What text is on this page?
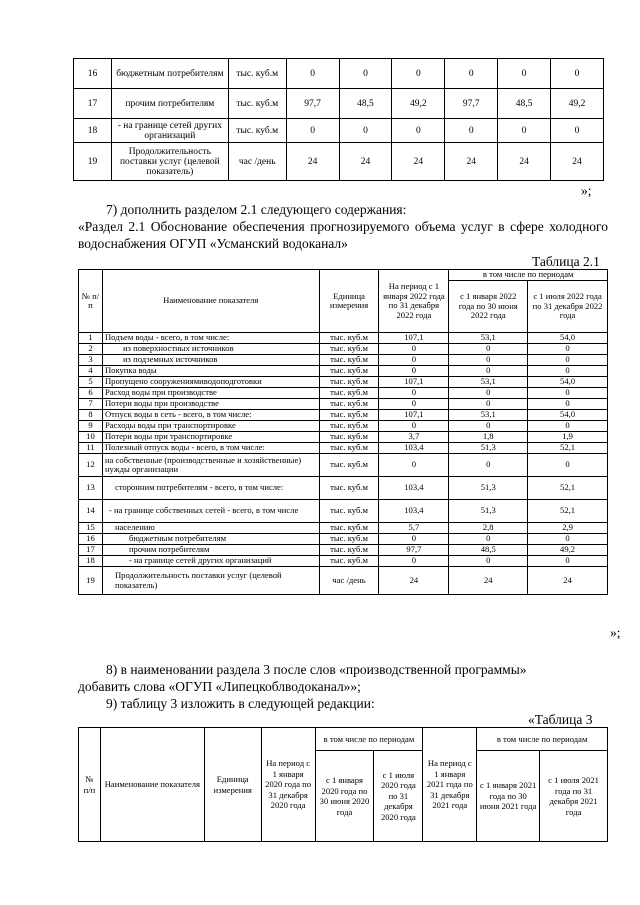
16	бюджетным потребителям	тыс. куб.м	0	0	0	0	0	0
17	прочим потребителям	тыс. куб.м	97,7	48,5	49,2	97,7	48,5	49,2
18	- на границе сетей других организаций	тыс. куб.м	0	0	0	0	0	0
19	Продолжительность поставки услуг (целевой показатель)	час /день	24	24	24	24	24	24
»;
7) дополнить разделом 2.1 следующего содержания:
«Раздел 2.1 Обоснование обеспечения прогнозируемого объема услуг в сфере холодного водоснабжения ОГУП «Усманский водоканал»
Таблица 2.1
№ п/п	Наименование показателя	Единица измерения	На период с 1 января 2022 года по 31 декабря 2022 года	в том числе по периодам	
				с 1 января 2022 года по 30 июня 2022 года	с 1 июля 2022 года по 31 декабря 2022 года
1	Подъем воды - всего, в том числе:	тыс. куб.м	107,1	53,1	54,0
2	из поверхностных источников	тыс. куб.м	0	0	0
3	из подземных источников	тыс. куб.м	0	0	0
4	Покупка воды	тыс. куб.м	0	0	0
5	Пропущено сооружениямиводоподготовки	тыс. куб.м	107,1	53,1	54,0
6	Расход воды при производстве	тыс. куб.м	0	0	0
7	Потери воды при производстве	тыс. куб.м	0	0	0
8	Отпуск воды в сеть - всего, в том числе:	тыс. куб.м	107,1	53,1	54,0
9	Расходы воды при транспортировке	тыс. куб.м	0	0	0
10	Потери воды при транспортировке	тыс. куб.м	3,7	1,8	1,9
11	Полезный отпуск воды - всего, в том числе:	тыс. куб.м	103,4	51,3	52,1
12	на собственные (производственные и хозяйственные) нужды организации	тыс. куб.м	0	0	0
13	сторонним потребителям - всего, в том числе:	тыс. куб.м	103,4	51,3	52,1
14	- на границе собственных сетей - всего, в том числе	тыс. куб.м	103,4	51,3	52,1
15	населению	тыс. куб.м	5,7	2,8	2,9
16	бюджетным потребителям	тыс. куб.м	0	0	0
17	прочим потребителям	тыс. куб.м	97,7	48,5	49,2
18	- на границе сетей других организаций	тыс. куб.м	0	0	0
19	Продолжительность поставки услуг (целевой показатель)	час /день	24	24	24
»;
8) в наименовании раздела 3 после слов «производственной программы»
добавить слова «ОГУП «Липецкоблводоканал»»;
9) таблицу 3 изложить в следующей редакции:
«Таблица 3
№ п/п	Наименование показателя	Единица измерения	На период с 1 января 2020 года по 31 декабря 2020 года	в том числе по периодам		На период с 1 января 2021 года по 31 декабря 2021 года	в том числе по периодам	
				с 1 января 2020 года по 30 июня 2020 года	с 1 июля 2020 года по 31 декабря 2020 года		с 1 января 2021 года по 30 июня 2021 года	с 1 июля 2021 года по 31 декабря 2021 года
